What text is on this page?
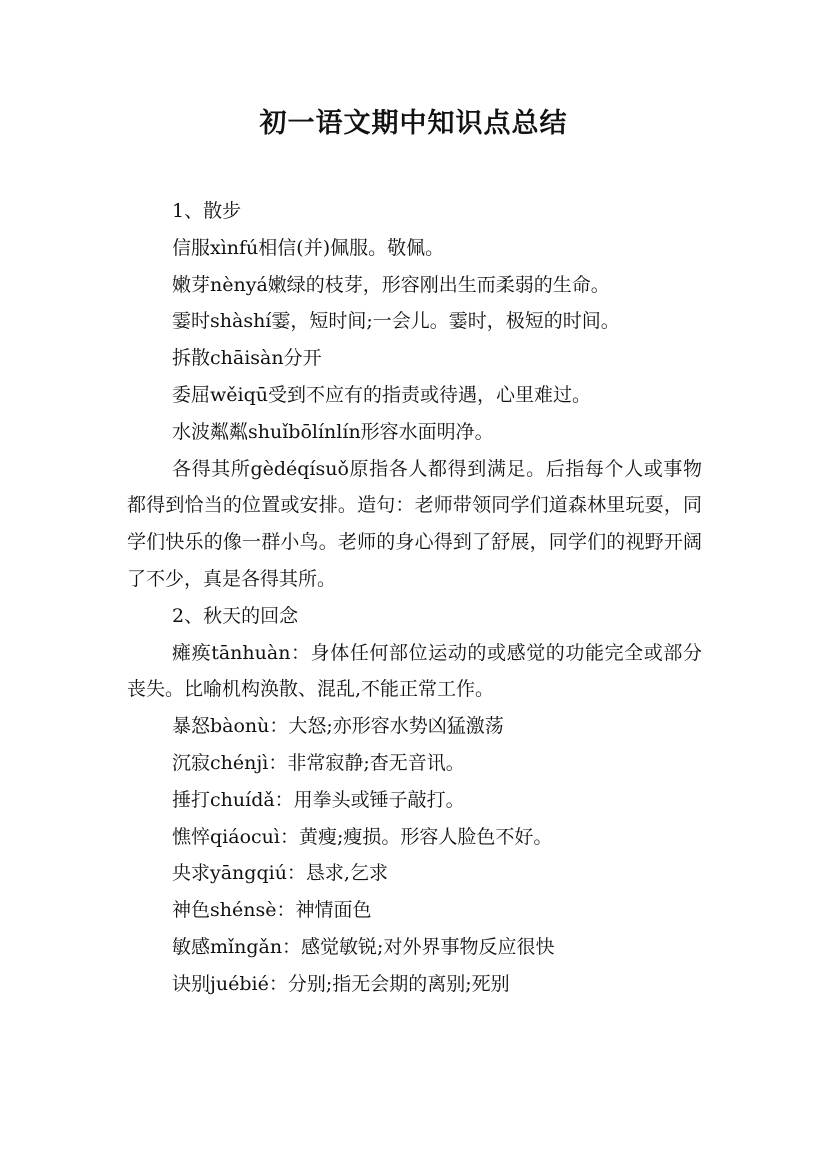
初一语文期中知识点总结

1、散步

信服xìnfú相信(并)佩服。敬佩。

嫩芽nènyá嫩绿的枝芽，形容刚出生而柔弱的生命。

霎时shàshí霎，短时间;一会儿。霎时，极短的时间。

拆散chāisàn分开

委屈wěiqū受到不应有的指责或待遇，心里难过。

水波粼粼shuǐbōlínlín形容水面明净。

各得其所gèdéqísuǒ原指各人都得到满足。后指每个人或事物都得到恰当的位置或安排。造句：老师带领同学们道森林里玩耍，同学们快乐的像一群小鸟。老师的身心得到了舒展，同学们的视野开阔了不少，真是各得其所。

2、秋天的回念

瘫痪tānhuàn：身体任何部位运动的或感觉的功能完全或部分丧失。比喻机构涣散、混乱,不能正常工作。

暴怒bàonù：大怒;亦形容水势凶猛激荡

沉寂chénjì：非常寂静;杳无音讯。

捶打chuídǎ：用拳头或锤子敲打。

憔悴qiáocuì：黄瘦;瘦损。形容人脸色不好。

央求yāngqiú：恳求,乞求

神色shénsè：神情面色

敏感mǐngǎn：感觉敏锐;对外界事物反应很快

诀别juébié：分别;指无会期的离别;死别
